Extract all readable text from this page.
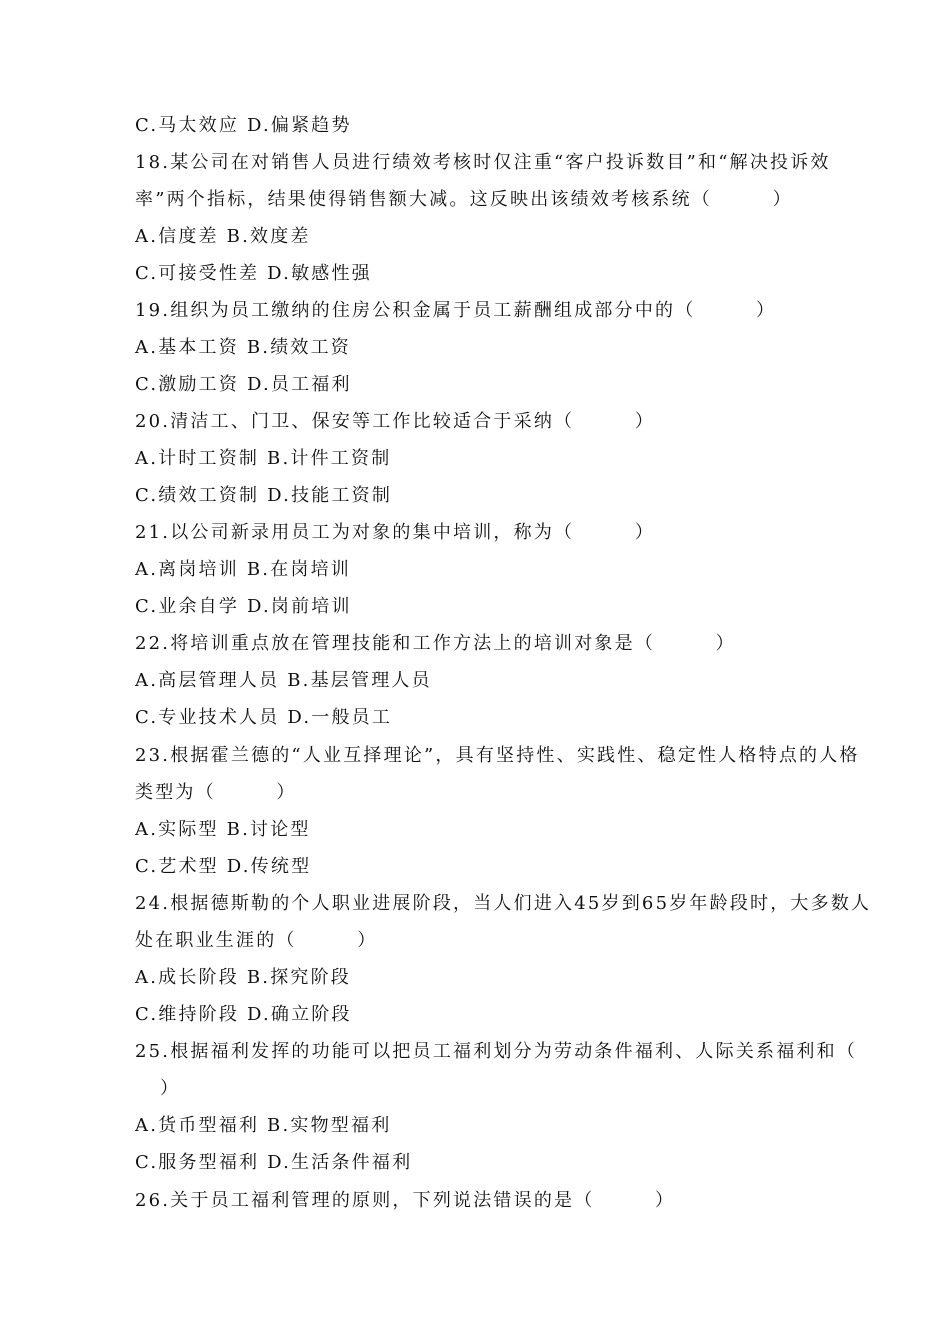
C.马太效应 D.偏紧趋势
18.某公司在对销售人员进行绩效考核时仅注重“客户投诉数目”和“解决投诉效
率”两个指标，结果使得销售额大减。这反映出该绩效考核系统（　　　）
A.信度差 B.效度差
C.可接受性差 D.敏感性强
19.组织为员工缴纳的住房公积金属于员工薪酬组成部分中的（　　　）
A.基本工资 B.绩效工资
C.激励工资 D.员工福利
20.清洁工、门卫、保安等工作比较适合于采纳（　　　）
A.计时工资制 B.计件工资制
C.绩效工资制 D.技能工资制
21.以公司新录用员工为对象的集中培训，称为（　　　）
A.离岗培训 B.在岗培训
C.业余自学 D.岗前培训
22.将培训重点放在管理技能和工作方法上的培训对象是（　　　）
A.高层管理人员 B.基层管理人员
C.专业技术人员 D.一般员工
23.根据霍兰德的“人业互择理论”，具有坚持性、实践性、稳定性人格特点的人格
类型为（　　　）
A.实际型 B.讨论型
C.艺术型 D.传统型
24.根据德斯勒的个人职业进展阶段，当人们进入45岁到65岁年龄段时，大多数人
处在职业生涯的（　　　）
A.成长阶段 B.探究阶段
C.维持阶段 D.确立阶段
25.根据福利发挥的功能可以把员工福利划分为劳动条件福利、人际关系福利和（
）
A.货币型福利 B.实物型福利
C.服务型福利 D.生活条件福利
26.关于员工福利管理的原则，下列说法错误的是（　　　）
